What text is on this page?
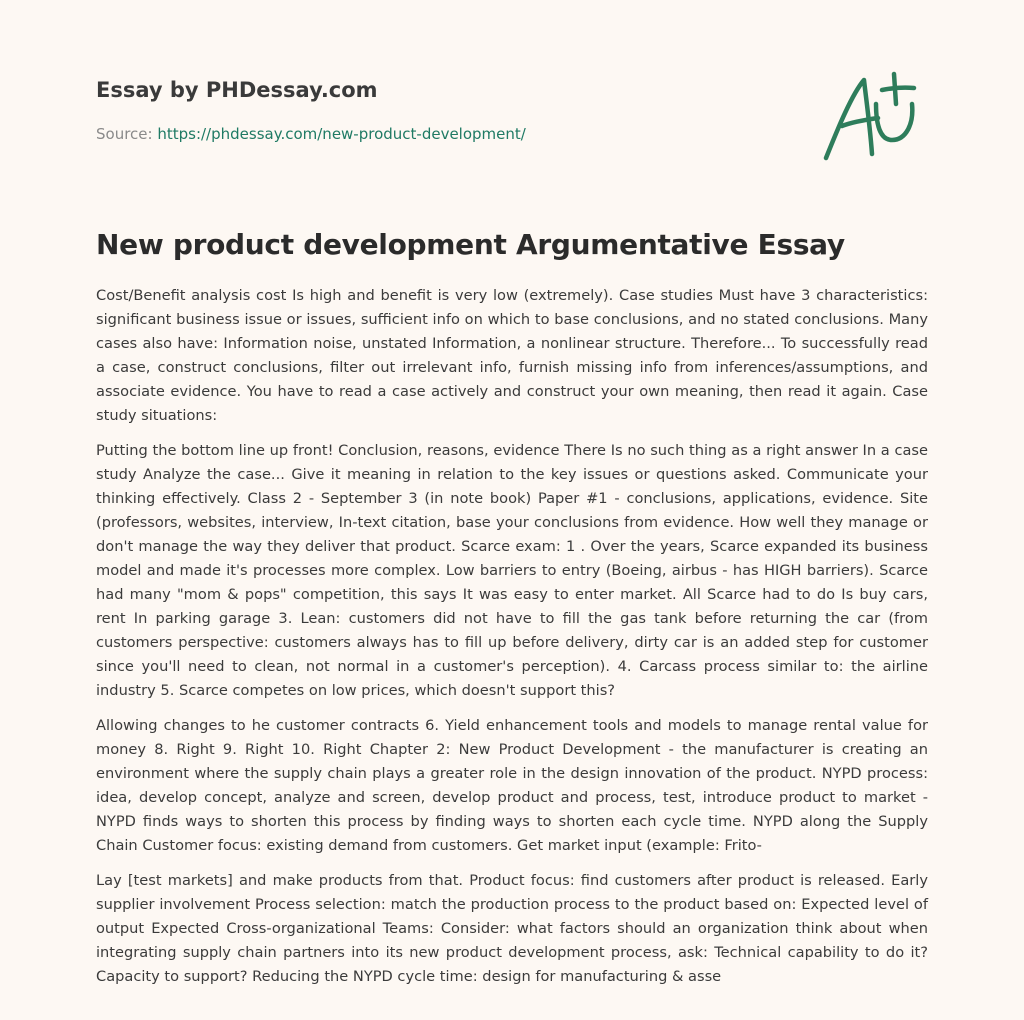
Essay by PHDessay.com
Source: https://phdessay.com/new-product-development/
New product development Argumentative Essay

Cost/Benefit analysis cost Is high and benefit is very low (extremely). Case studies Must have 3 characteristics: significant business issue or issues, sufficient info on which to base conclusions, and no stated conclusions. Many cases also have: Information noise, unstated Information, a nonlinear structure. Therefore... To successfully read a case, construct conclusions, filter out irrelevant info, furnish missing info from inferences/assumptions, and associate evidence. You have to read a case actively and construct your own meaning, then read it again. Case study situations:

Putting the bottom line up front! Conclusion, reasons, evidence There Is no such thing as a right answer In a case study Analyze the case... Give it meaning in relation to the key issues or questions asked. Communicate your thinking effectively. Class 2 - September 3 (in note book) Paper #1 - conclusions, applications, evidence. Site (professors, websites, interview, In-text citation, base your conclusions from evidence. How well they manage or don't manage the way they deliver that product. Scarce exam: 1 . Over the years, Scarce expanded its business model and made it's processes more complex. Low barriers to entry (Boeing, airbus - has HIGH barriers). Scarce had many "mom & pops" competition, this says It was easy to enter market. All Scarce had to do Is buy cars, rent In parking garage 3. Lean: customers did not have to fill the gas tank before returning the car (from customers perspective: customers always has to fill up before delivery, dirty car is an added step for customer since you'll need to clean, not normal in a customer's perception). 4. Carcass process similar to: the airline industry 5. Scarce competes on low prices, which doesn't support this?

Allowing changes to he customer contracts 6. Yield enhancement tools and models to manage rental value for money 8. Right 9. Right 10. Right Chapter 2: New Product Development - the manufacturer is creating an environment where the supply chain plays a greater role in the design innovation of the product. NYPD process: idea, develop concept, analyze and screen, develop product and process, test, introduce product to market - NYPD finds ways to shorten this process by finding ways to shorten each cycle time. NYPD along the Supply Chain Customer focus: existing demand from customers. Get market input (example: Frito-

Lay [test markets] and make products from that. Product focus: find customers after product is released. Early supplier involvement Process selection: match the production process to the product based on: Expected level of output Expected Cross-organizational Teams: Consider: what factors should an organization think about when integrating supply chain partners into its new product development process, ask: Technical capability to do it? Capacity to support? Reducing the NYPD cycle time: design for manufacturing & asse
